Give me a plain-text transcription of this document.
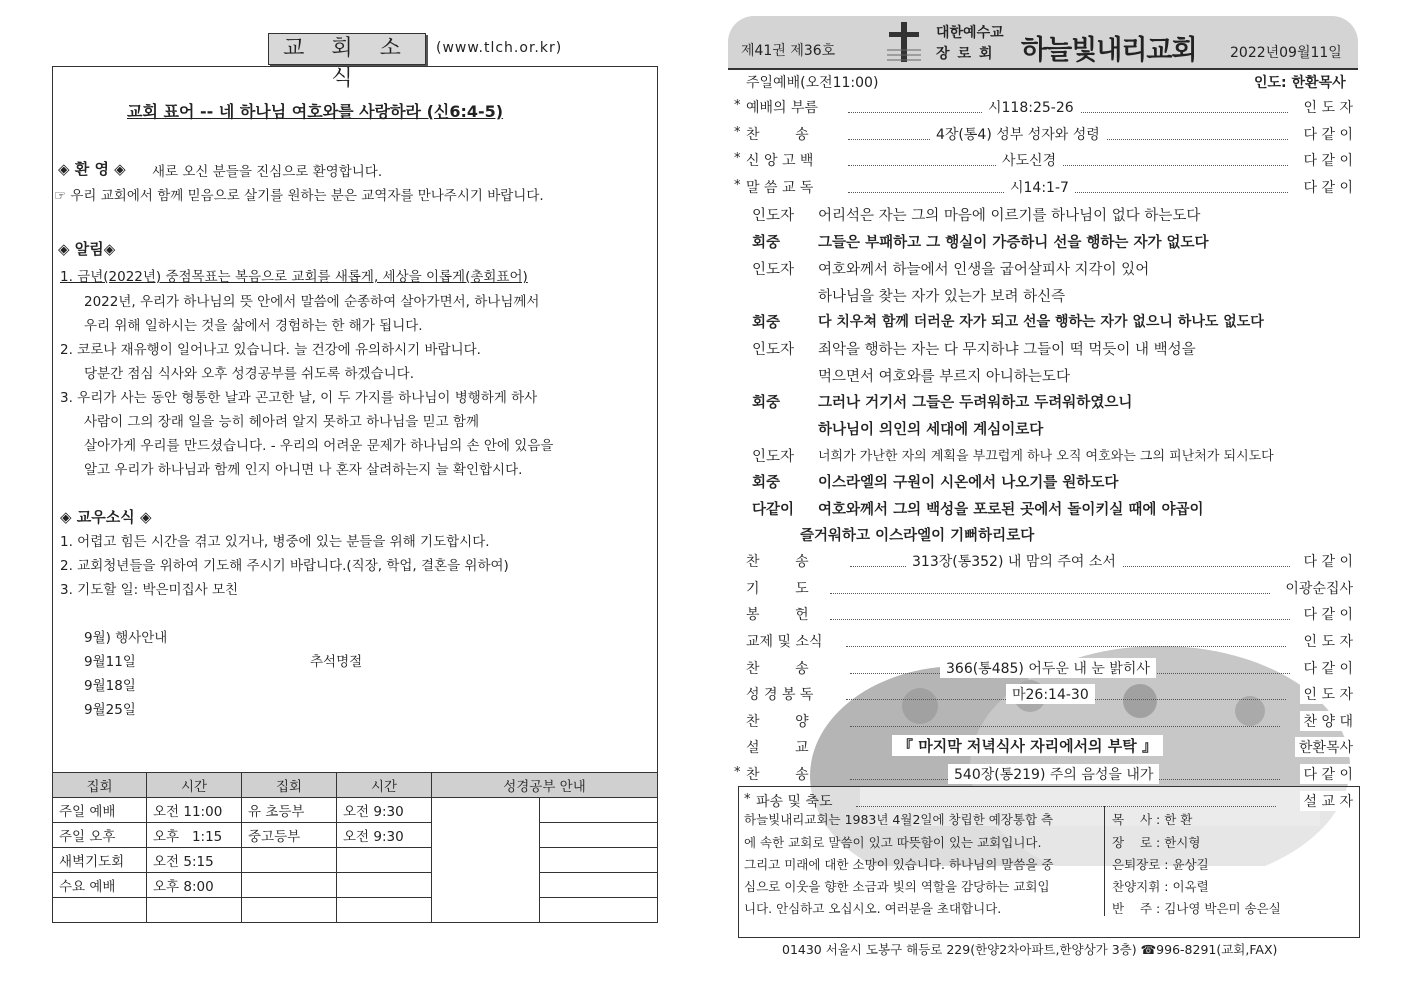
교 회 소 식
(www.tlch.or.kr)
교회 표어 -- 네 하나님 여호와를 사랑하라 (신6:4-5)
◈ 환 영 ◈ 새로 오신 분들을 진심으로 환영합니다.
☞ 우리 교회에서 함께 믿음으로 살기를 원하는 분은 교역자를 만나주시기 바랍니다.
◈ 알림◈
1. 금년(2022년) 중점목표는 복음으로 교회를 새롭게, 세상을 이롭게(총회표어)
2022년, 우리가 하나님의 뜻 안에서 말씀에 순종하여 살아가면서, 하나님께서
우리 위해 일하시는 것을 삶에서 경험하는 한 해가 됩니다.
2. 코로나 재유행이 일어나고 있습니다. 늘 건강에 유의하시기 바랍니다.
당분간 점심 식사와 오후 성경공부를 쉬도록 하겠습니다.
3. 우리가 사는 동안 형통한 날과 곤고한 날, 이 두 가지를 하나님이 병행하게 하사
사람이 그의 장래 일을 능히 헤아려 알지 못하고 하나님을 믿고 함께
살아가게 우리를 만드셨습니다. - 우리의 어려운 문제가 하나님의 손 안에 있음을
알고 우리가 하나님과 함께 인지 아니면 나 혼자 살려하는지 늘 확인합시다.
◈ 교우소식 ◈
1. 어렵고 힘든 시간을 겪고 있거나, 병중에 있는 분들을 위해 기도합시다.
2. 교회청년들을 위하여 기도해 주시기 바랍니다.(직장, 학업, 결혼을 위하여)
3. 기도할 일: 박은미집사 모친
9월) 행사안내
9월11일	추석명절
9월18일
9월25일
집회	시간	집회	시간	성경공부 안내	
주일 예배	오전 11:00	유 초등부	오전 9:30		
주일 오후	오후   1:15	중고등부	오전 9:30		
새벽기도회	오전 5:15				
수요 예배	오후 8:00				

제41권 제36호
대한예수교
장로회 하늘빛내리교회 2022년09월11일
주일예배(오전11:00)	인도: 한환목사
* 예배의 부름	시118:25-26	인 도 자
* 찬        송	4장(통4) 성부 성자와 성령	다 같 이
* 신 앙 고 백	사도신경	다 같 이
* 말 씀 교 독	시14:1-7	다 같 이
인도자 어리석은 자는 그의 마음에 이르기를 하나님이 없다 하는도다
회중	그들은 부패하고 그 행실이 가증하니 선을 행하는 자가 없도다
인도자 여호와께서 하늘에서 인생을 굽어살피사 지각이 있어
하나님을 찾는 자가 있는가 보려 하신즉
회중	다 치우쳐 함께 더러운 자가 되고 선을 행하는 자가 없으니 하나도 없도다
인도자 죄악을 행하는 자는 다 무지하냐 그들이 떡 먹듯이 내 백성을
먹으면서 여호와를 부르지 아니하는도다
회중	그러나 거기서 그들은 두려워하고 두려워하였으니
하나님이 의인의 세대에 계심이로다
인도자 너희가 가난한 자의 계획을 부끄럽게 하나 오직 여호와는 그의 피난처가 되시도다
회중	이스라엘의 구원이 시온에서 나오기를 원하도다
다같이 여호와께서 그의 백성을 포로된 곳에서 돌이키실 때에 야곱이
즐거워하고 이스라엘이 기뻐하리로다
찬        송	313장(통352) 내 맘의 주여 소서	다 같 이
기        도	이광순집사
봉        헌	다 같 이
교제 및 소식	인 도 자
찬        송	366(통485) 어두운 내 눈 밝히사	다 같 이
성 경 봉 독	마26:14-30	인 도 자
찬        양	찬 양 대
설        교	『 마지막 저녁식사 자리에서의 부탁 』	한환목사
* 찬        송	540장(통219) 주의 음성을 내가	다 같 이
* 파송 및 축도	설 교 자
하늘빛내리교회는 1983년 4월2일에 창립한 예장통합 측
에 속한 교회로 말씀이 있고 따뜻함이 있는 교회입니다.
그리고 미래에 대한 소망이 있습니다. 하나님의 말씀을 중
심으로 이웃을 향한 소금과 빛의 역할을 감당하는 교회입
니다. 안심하고 오십시오. 여러분을 초대합니다.
목    사 : 한 환
장    로 : 한시형
은퇴장로 : 윤상길
찬양지휘 : 이옥렬
반    주 : 김나영 박은미 송은실
01430 서울시 도봉구 해등로 229(한양2차아파트,한양상가 3층) ☎996-8291(교회,FAX)
